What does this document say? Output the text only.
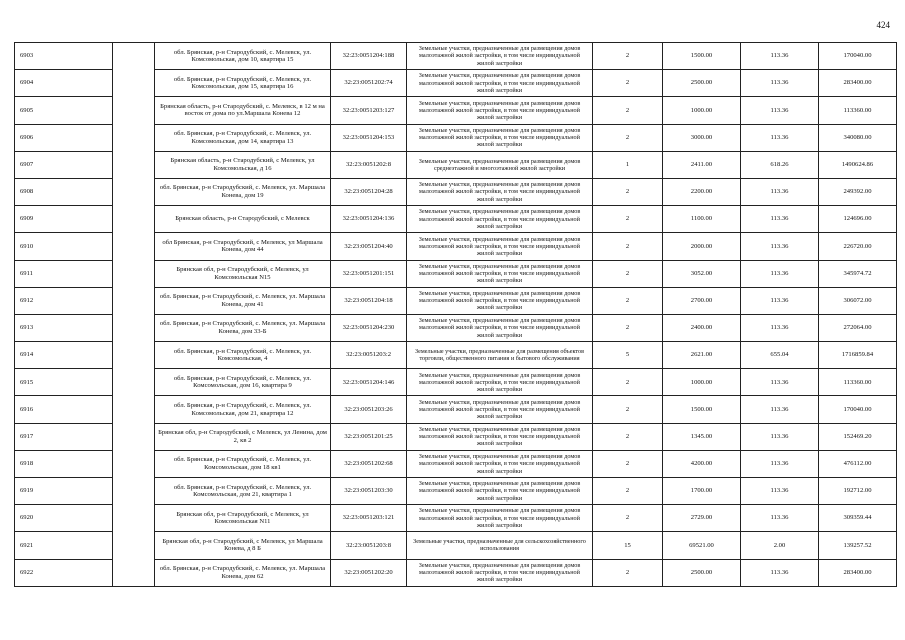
424
6903		обл. Брянская, р-н Стародубский, с. Мелевск, ул. Комсомольская, дом 10, квартира 15	32:23:0051204:188	Земельные участки, предназначенные для размещения домов малоэтажной жилой застройки, в том числе индивидуальной жилой застройки	2	1500.00	113.36	170040.00
6904		обл. Брянская, р-н Стародубский, с. Мелевск, ул. Комсомольская, дом 15, квартира 16	32:23:0051202:74	Земельные участки, предназначенные для размещения домов малоэтажной жилой застройки, в том числе индивидуальной жилой застройки	2	2500.00	113.36	283400.00
6905		Брянская область, р-н Стародубский, с. Мелевск, в 12 м на восток от дома по ул.Маршала Конева 12	32:23:0051203:127	Земельные участки, предназначенные для размещения домов малоэтажной жилой застройки, в том числе индивидуальной жилой застройки	2	1000.00	113.36	113360.00
6906		обл. Брянская, р-н Стародубский, с. Мелевск, ул. Комсомольская, дом 14, квартира 13	32:23:0051204:153	Земельные участки, предназначенные для размещения домов малоэтажной жилой застройки, в том числе индивидуальной жилой застройки	2	3000.00	113.36	340080.00
6907		Брянская область, р-н Стародубский, с Мелевск, ул Комсомольская, д 16	32:23:0051202:8	Земельные участки, предназначенные для размещения домов среднеэтажной и многоэтажной жилой застройки	1	2411.00	618.26	1490624.86
6908		обл. Брянская, р-н Стародубский, с. Мелевск, ул. Маршала Конева, дом 19	32:23:0051204:28	Земельные участки, предназначенные для размещения домов малоэтажной жилой застройки, в том числе индивидуальной жилой застройки	2	2200.00	113.36	249392.00
6909		Брянская область, р-н Стародубский, с Мелевск	32:23:0051204:136	Земельные участки, предназначенные для размещения домов малоэтажной жилой застройки, в том числе индивидуальной жилой застройки	2	1100.00	113.36	124696.00
6910		обл Брянская, р-н Стародубский, с Мелевск, ул Маршала Конева, дом 44	32:23:0051204:40	Земельные участки, предназначенные для размещения домов малоэтажной жилой застройки, в том числе индивидуальной жилой застройки	2	2000.00	113.36	226720.00
6911		Брянская обл, р-н Стародубский, с Мелевск, ул Комсомольская N15	32:23:0051201:151	Земельные участки, предназначенные для размещения домов малоэтажной жилой застройки, в том числе индивидуальной жилой застройки	2	3052.00	113.36	345974.72
6912		обл. Брянская, р-н Стародубский, с. Мелевск, ул. Маршала Конева, дом 41	32:23:0051204:18	Земельные участки, предназначенные для размещения домов малоэтажной жилой застройки, в том числе индивидуальной жилой застройки	2	2700.00	113.36	306072.00
6913		обл. Брянская, р-н Стародубский, с. Мелевск, ул. Маршала Конева, дом 33-Б	32:23:0051204:230	Земельные участки, предназначенные для размещения домов малоэтажной жилой застройки, в том числе индивидуальной жилой застройки	2	2400.00	113.36	272064.00
6914		обл. Брянская, р-н Стародубский, с. Мелевск, ул. Комсомольская, 4	32:23:0051203:2	Земельные участки, предназначенные для размещения объектов торговли, общественного питания и бытового обслуживания	5	2621.00	655.04	1716859.84
6915		обл. Брянская, р-н Стародубский, с. Мелевск, ул. Комсомольская, дом 16, квартира 9	32:23:0051204:146	Земельные участки, предназначенные для размещения домов малоэтажной жилой застройки, в том числе индивидуальной жилой застройки	2	1000.00	113.36	113360.00
6916		обл. Брянская, р-н Стародубский, с. Мелевск, ул. Комсомольская, дом 21, квартира 12	32:23:0051203:26	Земельные участки, предназначенные для размещения домов малоэтажной жилой застройки, в том числе индивидуальной жилой застройки	2	1500.00	113.36	170040.00
6917		Брянская обл, р-н Стародубский, с Мелевск, ул Ленина, дом 2, кв 2	32:23:0051201:25	Земельные участки, предназначенные для размещения домов малоэтажной жилой застройки, в том числе индивидуальной жилой застройки	2	1345.00	113.36	152469.20
6918		обл. Брянская, р-н Стародубский, с. Мелевск, ул. Комсомольская, дом 18 кв1	32:23:0051202:68	Земельные участки, предназначенные для размещения домов малоэтажной жилой застройки, в том числе индивидуальной жилой застройки	2	4200.00	113.36	476112.00
6919		обл. Брянская, р-н Стародубский, с. Мелевск, ул. Комсомольская, дом 21, квартира 1	32:23:0051203:30	Земельные участки, предназначенные для размещения домов малоэтажной жилой застройки, в том числе индивидуальной жилой застройки	2	1700.00	113.36	192712.00
6920		Брянская обл, р-н Стародубский, с Мелевск, ул Комсомольская N11	32:23:0051203:121	Земельные участки, предназначенные для размещения домов малоэтажной жилой застройки, в том числе индивидуальной жилой застройки	2	2729.00	113.36	309359.44
6921		Брянская обл, р-н Стародубский, с Мелевск, ул Маршала Конева, д 8 Б	32:23:0051203:8	Земельные участки, предназначенные для сельскохозяйственного использования	15	69521.00	2.00	139257.52
6922		обл. Брянская, р-н Стародубский, с. Мелевск, ул. Маршала Конева, дом 62	32:23:0051202:20	Земельные участки, предназначенные для размещения домов малоэтажной жилой застройки, в том числе индивидуальной жилой застройки	2	2500.00	113.36	283400.00
